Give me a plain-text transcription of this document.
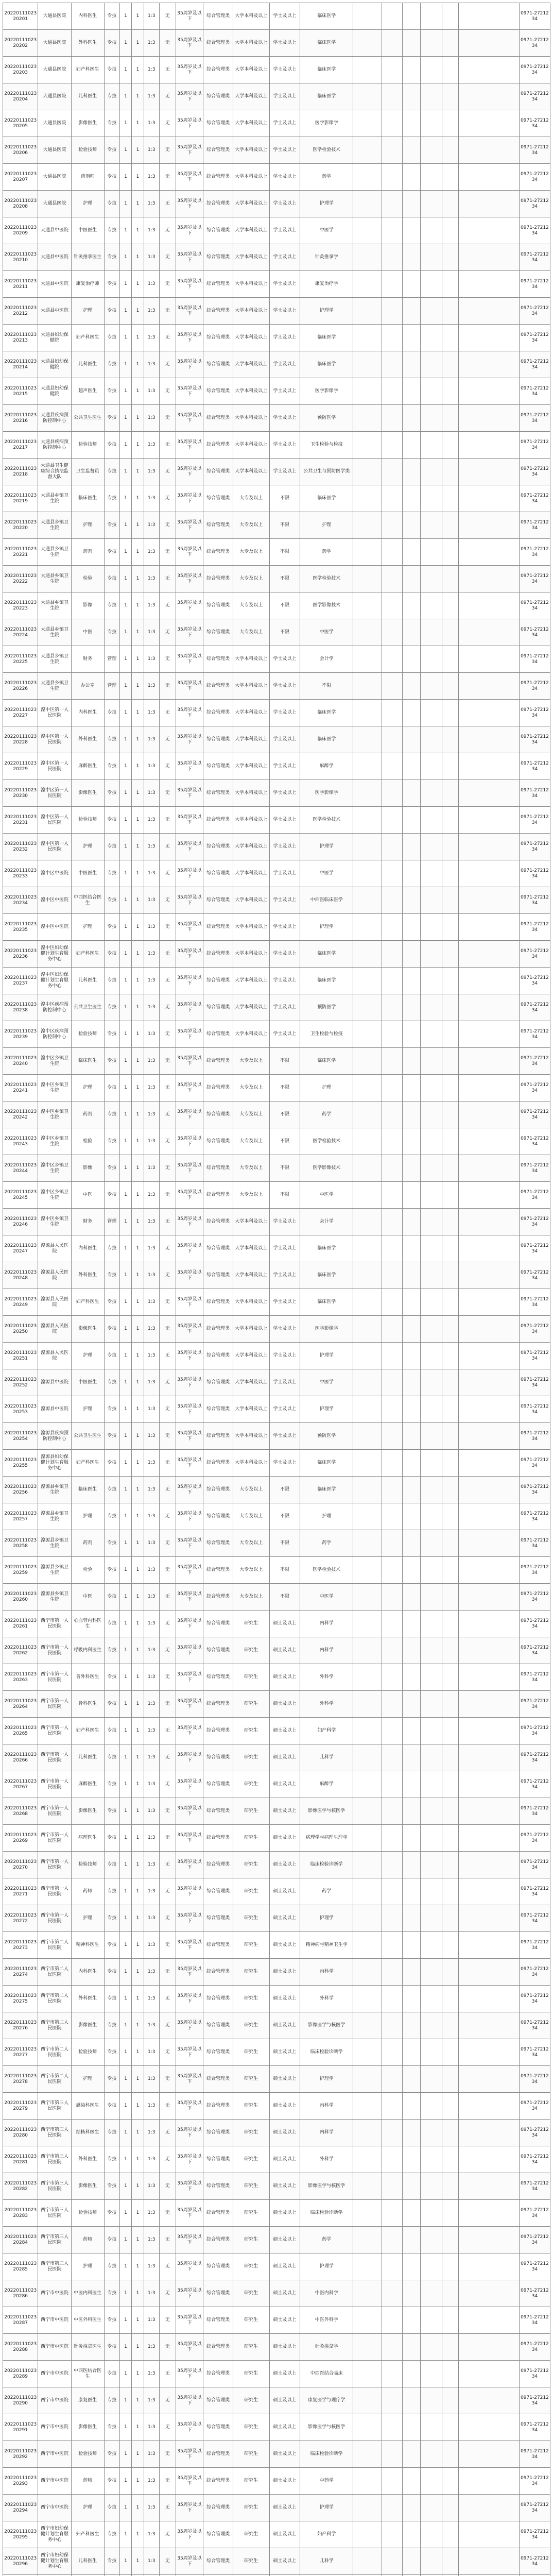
2022011102320201	大通县医院	内科医生	专技	1	1	1:3	无	35周岁及以下	综合管理类	大学本科及以上	学士及以上	临床医学							0971-2721234
2022011102320202	大通县医院	外科医生	专技	1	1	1:3	无	35周岁及以下	综合管理类	大学本科及以上	学士及以上	临床医学							0971-2721234
2022011102320203	大通县医院	妇产科医生	专技	1	1	1:3	无	35周岁及以下	综合管理类	大学本科及以上	学士及以上	临床医学							0971-2721234
2022011102320204	大通县医院	儿科医生	专技	1	1	1:3	无	35周岁及以下	综合管理类	大学本科及以上	学士及以上	临床医学							0971-2721234
2022011102320205	大通县医院	影像医生	专技	1	1	1:3	无	35周岁及以下	综合管理类	大学本科及以上	学士及以上	医学影像学							0971-2721234
2022011102320206	大通县医院	检验技师	专技	1	1	1:3	无	35周岁及以下	综合管理类	大学本科及以上	学士及以上	医学检验技术							0971-2721234
2022011102320207	大通县医院	药剂师	专技	1	1	1:3	无	35周岁及以下	综合管理类	大学本科及以上	学士及以上	药学							0971-2721234
2022011102320208	大通县医院	护理	专技	1	1	1:3	无	35周岁及以下	综合管理类	大学本科及以上	学士及以上	护理学							0971-2721234
2022011102320209	大通县中医院	中医医生	专技	1	1	1:3	无	35周岁及以下	综合管理类	大学本科及以上	学士及以上	中医学							0971-2721234
2022011102320210	大通县中医院	针灸推拿医生	专技	1	1	1:3	无	35周岁及以下	综合管理类	大学本科及以上	学士及以上	针灸推拿学							0971-2721234
2022011102320211	大通县中医院	康复治疗师	专技	1	1	1:3	无	35周岁及以下	综合管理类	大学本科及以上	学士及以上	康复治疗学							0971-2721234
2022011102320212	大通县中医院	护理	专技	1	1	1:3	无	35周岁及以下	综合管理类	大学本科及以上	学士及以上	护理学							0971-2721234
2022011102320213	大通县妇幼保健院	妇产科医生	专技	1	1	1:3	无	35周岁及以下	综合管理类	大学本科及以上	学士及以上	临床医学							0971-2721234
2022011102320214	大通县妇幼保健院	儿科医生	专技	1	1	1:3	无	35周岁及以下	综合管理类	大学本科及以上	学士及以上	临床医学							0971-2721234
2022011102320215	大通县妇幼保健院	超声医生	专技	1	1	1:3	无	35周岁及以下	综合管理类	大学本科及以上	学士及以上	医学影像学							0971-2721234
2022011102320216	大通县疾病预防控制中心	公共卫生医生	专技	1	1	1:3	无	35周岁及以下	综合管理类	大学本科及以上	学士及以上	预防医学							0971-2721234
2022011102320217	大通县疾病预防控制中心	检验技师	专技	1	1	1:3	无	35周岁及以下	综合管理类	大学本科及以上	学士及以上	卫生检验与检疫							0971-2721234
2022011102320218	大通县卫生健康综合执法监督大队	卫生监督员	专技	1	1	1:3	无	35周岁及以下	综合管理类	大学本科及以上	学士及以上	公共卫生与预防医学类							0971-2721234
2022011102320219	大通县乡镇卫生院	临床医生	专技	1	1	1:3	无	35周岁及以下	综合管理类	大专及以上	不限	临床医学							0971-2721234
2022011102320220	大通县乡镇卫生院	护理	专技	1	1	1:3	无	35周岁及以下	综合管理类	大专及以上	不限	护理							0971-2721234
2022011102320221	大通县乡镇卫生院	药剂	专技	1	1	1:3	无	35周岁及以下	综合管理类	大专及以上	不限	药学							0971-2721234
2022011102320222	大通县乡镇卫生院	检验	专技	1	1	1:3	无	35周岁及以下	综合管理类	大专及以上	不限	医学检验技术							0971-2721234
2022011102320223	大通县乡镇卫生院	影像	专技	1	1	1:3	无	35周岁及以下	综合管理类	大专及以上	不限	医学影像技术							0971-2721234
2022011102320224	大通县乡镇卫生院	中医	专技	1	1	1:3	无	35周岁及以下	综合管理类	大专及以上	不限	中医学							0971-2721234
2022011102320225	大通县乡镇卫生院	财务	管理	1	1	1:3	无	35周岁及以下	综合管理类	大学本科及以上	学士及以上	会计学							0971-2721234
2022011102320226	大通县乡镇卫生院	办公室	管理	1	1	1:3	无	35周岁及以下	综合管理类	大学本科及以上	学士及以上	不限							0971-2721234
2022011102320227	湟中区第一人民医院	内科医生	专技	1	1	1:3	无	35周岁及以下	综合管理类	大学本科及以上	学士及以上	临床医学							0971-2721234
2022011102320228	湟中区第一人民医院	外科医生	专技	1	1	1:3	无	35周岁及以下	综合管理类	大学本科及以上	学士及以上	临床医学							0971-2721234
2022011102320229	湟中区第一人民医院	麻醉医生	专技	1	1	1:3	无	35周岁及以下	综合管理类	大学本科及以上	学士及以上	麻醉学							0971-2721234
2022011102320230	湟中区第一人民医院	影像医生	专技	1	1	1:3	无	35周岁及以下	综合管理类	大学本科及以上	学士及以上	医学影像学							0971-2721234
2022011102320231	湟中区第一人民医院	检验技师	专技	1	1	1:3	无	35周岁及以下	综合管理类	大学本科及以上	学士及以上	医学检验技术							0971-2721234
2022011102320232	湟中区第一人民医院	护理	专技	1	1	1:3	无	35周岁及以下	综合管理类	大学本科及以上	学士及以上	护理学							0971-2721234
2022011102320233	湟中区中医院	中医医生	专技	1	1	1:3	无	35周岁及以下	综合管理类	大学本科及以上	学士及以上	中医学							0971-2721234
2022011102320234	湟中区中医院	中西医结合医生	专技	1	1	1:3	无	35周岁及以下	综合管理类	大学本科及以上	学士及以上	中西医临床医学							0971-2721234
2022011102320235	湟中区中医院	护理	专技	1	1	1:3	无	35周岁及以下	综合管理类	大学本科及以上	学士及以上	护理学							0971-2721234
2022011102320236	湟中区妇幼保健计划生育服务中心	妇产科医生	专技	1	1	1:3	无	35周岁及以下	综合管理类	大学本科及以上	学士及以上	临床医学							0971-2721234
2022011102320237	湟中区妇幼保健计划生育服务中心	儿科医生	专技	1	1	1:3	无	35周岁及以下	综合管理类	大学本科及以上	学士及以上	临床医学							0971-2721234
2022011102320238	湟中区疾病预防控制中心	公共卫生医生	专技	1	1	1:3	无	35周岁及以下	综合管理类	大学本科及以上	学士及以上	预防医学							0971-2721234
2022011102320239	湟中区疾病预防控制中心	检验技师	专技	1	1	1:3	无	35周岁及以下	综合管理类	大学本科及以上	学士及以上	卫生检验与检疫							0971-2721234
2022011102320240	湟中区乡镇卫生院	临床医生	专技	1	1	1:3	无	35周岁及以下	综合管理类	大专及以上	不限	临床医学							0971-2721234
2022011102320241	湟中区乡镇卫生院	护理	专技	1	1	1:3	无	35周岁及以下	综合管理类	大专及以上	不限	护理							0971-2721234
2022011102320242	湟中区乡镇卫生院	药剂	专技	1	1	1:3	无	35周岁及以下	综合管理类	大专及以上	不限	药学							0971-2721234
2022011102320243	湟中区乡镇卫生院	检验	专技	1	1	1:3	无	35周岁及以下	综合管理类	大专及以上	不限	医学检验技术							0971-2721234
2022011102320244	湟中区乡镇卫生院	影像	专技	1	1	1:3	无	35周岁及以下	综合管理类	大专及以上	不限	医学影像技术							0971-2721234
2022011102320245	湟中区乡镇卫生院	中医	专技	1	1	1:3	无	35周岁及以下	综合管理类	大专及以上	不限	中医学							0971-2721234
2022011102320246	湟中区乡镇卫生院	财务	管理	1	1	1:3	无	35周岁及以下	综合管理类	大学本科及以上	学士及以上	会计学							0971-2721234
2022011102320247	湟源县人民医院	内科医生	专技	1	1	1:3	无	35周岁及以下	综合管理类	大学本科及以上	学士及以上	临床医学							0971-2721234
2022011102320248	湟源县人民医院	外科医生	专技	1	1	1:3	无	35周岁及以下	综合管理类	大学本科及以上	学士及以上	临床医学							0971-2721234
2022011102320249	湟源县人民医院	妇产科医生	专技	1	1	1:3	无	35周岁及以下	综合管理类	大学本科及以上	学士及以上	临床医学							0971-2721234
2022011102320250	湟源县人民医院	影像医生	专技	1	1	1:3	无	35周岁及以下	综合管理类	大学本科及以上	学士及以上	医学影像学							0971-2721234
2022011102320251	湟源县人民医院	护理	专技	1	1	1:3	无	35周岁及以下	综合管理类	大学本科及以上	学士及以上	护理学							0971-2721234
2022011102320252	湟源县中医院	中医医生	专技	1	1	1:3	无	35周岁及以下	综合管理类	大学本科及以上	学士及以上	中医学							0971-2721234
2022011102320253	湟源县中医院	护理	专技	1	1	1:3	无	35周岁及以下	综合管理类	大学本科及以上	学士及以上	护理学							0971-2721234
2022011102320254	湟源县疾病预防控制中心	公共卫生医生	专技	1	1	1:3	无	35周岁及以下	综合管理类	大学本科及以上	学士及以上	预防医学							0971-2721234
2022011102320255	湟源县妇幼保健计划生育服务中心	妇产科医生	专技	1	1	1:3	无	35周岁及以下	综合管理类	大学本科及以上	学士及以上	临床医学							0971-2721234
2022011102320256	湟源县乡镇卫生院	临床医生	专技	1	1	1:3	无	35周岁及以下	综合管理类	大专及以上	不限	临床医学							0971-2721234
2022011102320257	湟源县乡镇卫生院	护理	专技	1	1	1:3	无	35周岁及以下	综合管理类	大专及以上	不限	护理							0971-2721234
2022011102320258	湟源县乡镇卫生院	药剂	专技	1	1	1:3	无	35周岁及以下	综合管理类	大专及以上	不限	药学							0971-2721234
2022011102320259	湟源县乡镇卫生院	检验	专技	1	1	1:3	无	35周岁及以下	综合管理类	大专及以上	不限	医学检验技术							0971-2721234
2022011102320260	湟源县乡镇卫生院	中医	专技	1	1	1:3	无	35周岁及以下	综合管理类	大专及以上	不限	中医学							0971-2721234
2022011102320261	西宁市第一人民医院	心血管内科医生	专技	1	1	1:3	无	35周岁及以下	综合管理类	研究生	硕士及以上	内科学							0971-2721234
2022011102320262	西宁市第一人民医院	呼吸内科医生	专技	1	1	1:3	无	35周岁及以下	综合管理类	研究生	硕士及以上	内科学							0971-2721234
2022011102320263	西宁市第一人民医院	普外科医生	专技	1	1	1:3	无	35周岁及以下	综合管理类	研究生	硕士及以上	外科学							0971-2721234
2022011102320264	西宁市第一人民医院	骨科医生	专技	1	1	1:3	无	35周岁及以下	综合管理类	研究生	硕士及以上	外科学							0971-2721234
2022011102320265	西宁市第一人民医院	妇产科医生	专技	1	1	1:3	无	35周岁及以下	综合管理类	研究生	硕士及以上	妇产科学							0971-2721234
2022011102320266	西宁市第一人民医院	儿科医生	专技	1	1	1:3	无	35周岁及以下	综合管理类	研究生	硕士及以上	儿科学							0971-2721234
2022011102320267	西宁市第一人民医院	麻醉医生	专技	1	1	1:3	无	35周岁及以下	综合管理类	研究生	硕士及以上	麻醉学							0971-2721234
2022011102320268	西宁市第一人民医院	影像医生	专技	1	1	1:3	无	35周岁及以下	综合管理类	研究生	硕士及以上	影像医学与核医学							0971-2721234
2022011102320269	西宁市第一人民医院	病理医生	专技	1	1	1:3	无	35周岁及以下	综合管理类	研究生	硕士及以上	病理学与病理生理学							0971-2721234
2022011102320270	西宁市第一人民医院	检验技师	专技	1	1	1:3	无	35周岁及以下	综合管理类	研究生	硕士及以上	临床检验诊断学							0971-2721234
2022011102320271	西宁市第一人民医院	药师	专技	1	1	1:3	无	35周岁及以下	综合管理类	研究生	硕士及以上	药学							0971-2721234
2022011102320272	西宁市第一人民医院	护理	专技	1	1	1:3	无	35周岁及以下	综合管理类	研究生	硕士及以上	护理学							0971-2721234
2022011102320273	西宁市第二人民医院	精神科医生	专技	1	1	1:3	无	35周岁及以下	综合管理类	研究生	硕士及以上	精神病与精神卫生学							0971-2721234
2022011102320274	西宁市第二人民医院	内科医生	专技	1	1	1:3	无	35周岁及以下	综合管理类	研究生	硕士及以上	内科学							0971-2721234
2022011102320275	西宁市第二人民医院	外科医生	专技	1	1	1:3	无	35周岁及以下	综合管理类	研究生	硕士及以上	外科学							0971-2721234
2022011102320276	西宁市第二人民医院	影像医生	专技	1	1	1:3	无	35周岁及以下	综合管理类	研究生	硕士及以上	影像医学与核医学							0971-2721234
2022011102320277	西宁市第二人民医院	检验技师	专技	1	1	1:3	无	35周岁及以下	综合管理类	研究生	硕士及以上	临床检验诊断学							0971-2721234
2022011102320278	西宁市第二人民医院	护理	专技	1	1	1:3	无	35周岁及以下	综合管理类	研究生	硕士及以上	护理学							0971-2721234
2022011102320279	西宁市第三人民医院	感染科医生	专技	1	1	1:3	无	35周岁及以下	综合管理类	研究生	硕士及以上	内科学							0971-2721234
2022011102320280	西宁市第三人民医院	结核科医生	专技	1	1	1:3	无	35周岁及以下	综合管理类	研究生	硕士及以上	内科学							0971-2721234
2022011102320281	西宁市第三人民医院	外科医生	专技	1	1	1:3	无	35周岁及以下	综合管理类	研究生	硕士及以上	外科学							0971-2721234
2022011102320282	西宁市第三人民医院	影像医生	专技	1	1	1:3	无	35周岁及以下	综合管理类	研究生	硕士及以上	影像医学与核医学							0971-2721234
2022011102320283	西宁市第三人民医院	检验技师	专技	1	1	1:3	无	35周岁及以下	综合管理类	研究生	硕士及以上	临床检验诊断学							0971-2721234
2022011102320284	西宁市第三人民医院	药师	专技	1	1	1:3	无	35周岁及以下	综合管理类	研究生	硕士及以上	药学							0971-2721234
2022011102320285	西宁市第三人民医院	护理	专技	1	1	1:3	无	35周岁及以下	综合管理类	研究生	硕士及以上	护理学							0971-2721234
2022011102320286	西宁市中医院	中医内科医生	专技	1	1	1:3	无	35周岁及以下	综合管理类	研究生	硕士及以上	中医内科学							0971-2721234
2022011102320287	西宁市中医院	中医外科医生	专技	1	1	1:3	无	35周岁及以下	综合管理类	研究生	硕士及以上	中医外科学							0971-2721234
2022011102320288	西宁市中医院	针灸推拿医生	专技	1	1	1:3	无	35周岁及以下	综合管理类	研究生	硕士及以上	针灸推拿学							0971-2721234
2022011102320289	西宁市中医院	中西医结合医生	专技	1	1	1:3	无	35周岁及以下	综合管理类	研究生	硕士及以上	中西医结合临床							0971-2721234
2022011102320290	西宁市中医院	康复医生	专技	1	1	1:3	无	35周岁及以下	综合管理类	研究生	硕士及以上	康复医学与理疗学							0971-2721234
2022011102320291	西宁市中医院	影像医生	专技	1	1	1:3	无	35周岁及以下	综合管理类	研究生	硕士及以上	影像医学与核医学							0971-2721234
2022011102320292	西宁市中医院	检验技师	专技	1	1	1:3	无	35周岁及以下	综合管理类	研究生	硕士及以上	临床检验诊断学							0971-2721234
2022011102320293	西宁市中医院	药师	专技	1	1	1:3	无	35周岁及以下	综合管理类	研究生	硕士及以上	中药学							0971-2721234
2022011102320294	西宁市中医院	护理	专技	1	1	1:3	无	35周岁及以下	综合管理类	研究生	硕士及以上	护理学							0971-2721234
2022011102320295	西宁市妇幼保健计划生育服务中心	妇产科医生	专技	1	1	1:3	无	35周岁及以下	综合管理类	研究生	硕士及以上	妇产科学							0971-2721234
2022011102320296	西宁市妇幼保健计划生育服务中心	儿科医生	专技	1	1	1:3	无	35周岁及以下	综合管理类	研究生	硕士及以上	儿科学							0971-2721234
